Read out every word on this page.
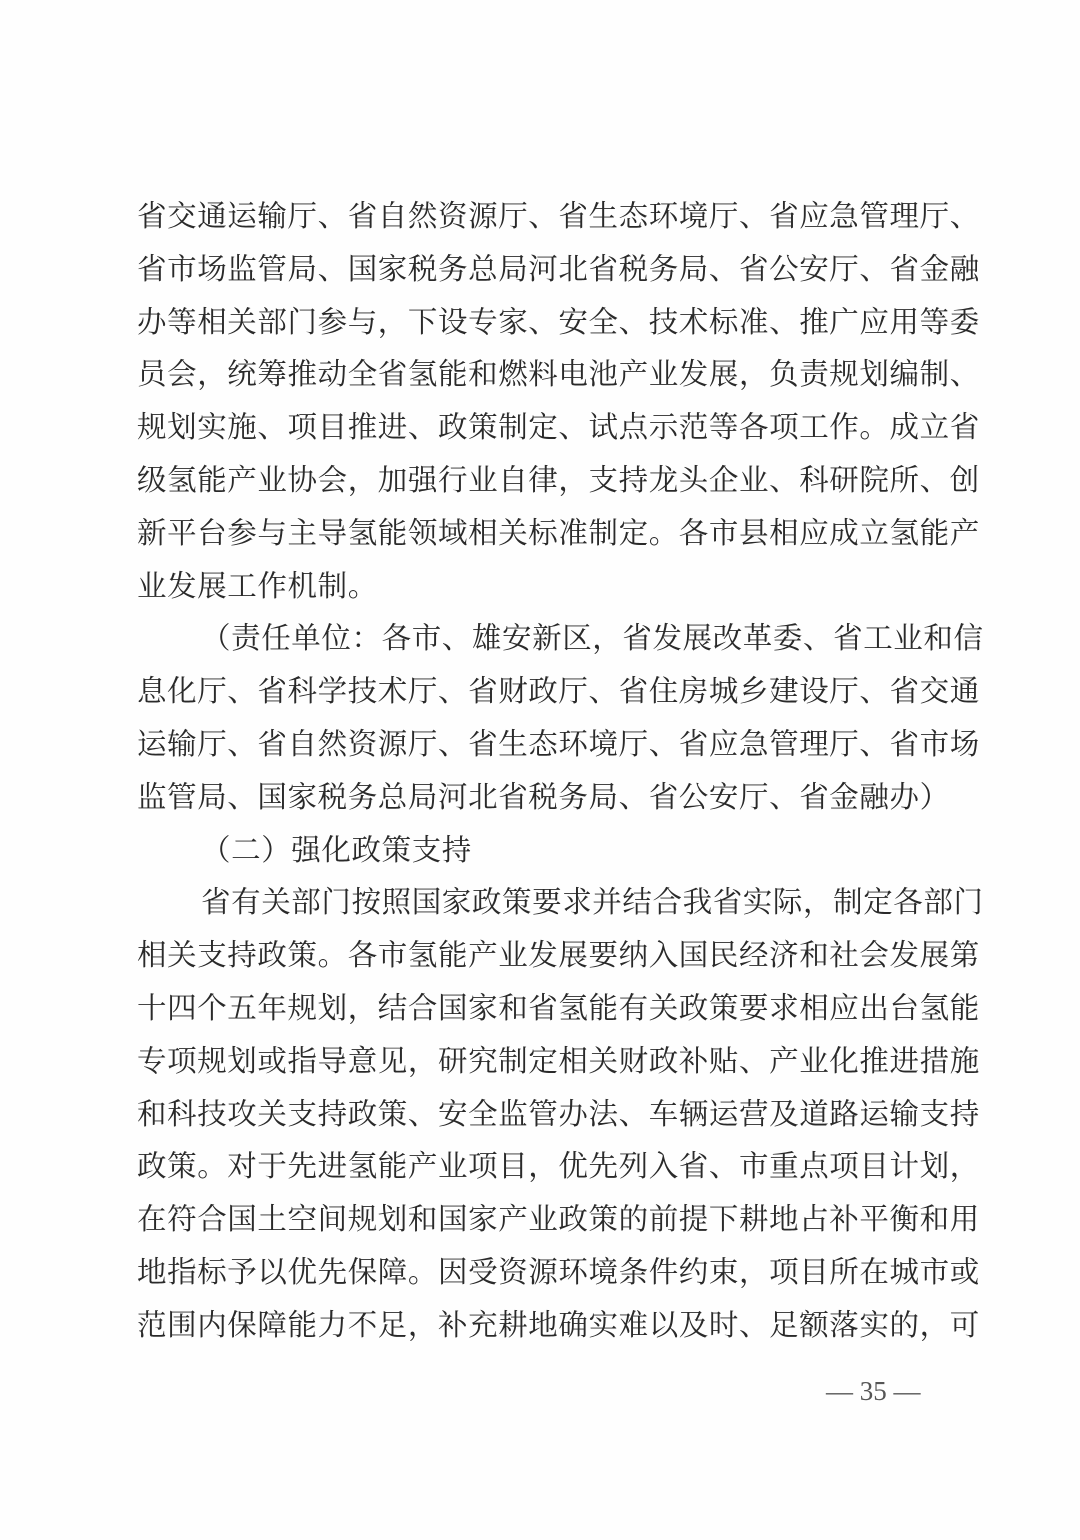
省交通运输厅、省自然资源厅、省生态环境厅、省应急管理厅、
省市场监管局、国家税务总局河北省税务局、省公安厅、省金融
办等相关部门参与，下设专家、安全、技术标准、推广应用等委
员会，统筹推动全省氢能和燃料电池产业发展，负责规划编制、
规划实施、项目推进、政策制定、试点示范等各项工作。成立省
级氢能产业协会，加强行业自律，支持龙头企业、科研院所、创
新平台参与主导氢能领域相关标准制定。各市县相应成立氢能产
业发展工作机制。
（责任单位：各市、雄安新区，省发展改革委、省工业和信
息化厅、省科学技术厅、省财政厅、省住房城乡建设厅、省交通
运输厅、省自然资源厅、省生态环境厅、省应急管理厅、省市场
监管局、国家税务总局河北省税务局、省公安厅、省金融办）
（二）强化政策支持
省有关部门按照国家政策要求并结合我省实际，制定各部门
相关支持政策。各市氢能产业发展要纳入国民经济和社会发展第
十四个五年规划，结合国家和省氢能有关政策要求相应出台氢能
专项规划或指导意见，研究制定相关财政补贴、产业化推进措施
和科技攻关支持政策、安全监管办法、车辆运营及道路运输支持
政策。对于先进氢能产业项目，优先列入省、市重点项目计划，
在符合国土空间规划和国家产业政策的前提下耕地占补平衡和用
地指标予以优先保障。因受资源环境条件约束，项目所在城市或
范围内保障能力不足，补充耕地确实难以及时、足额落实的，可
— 35 —
